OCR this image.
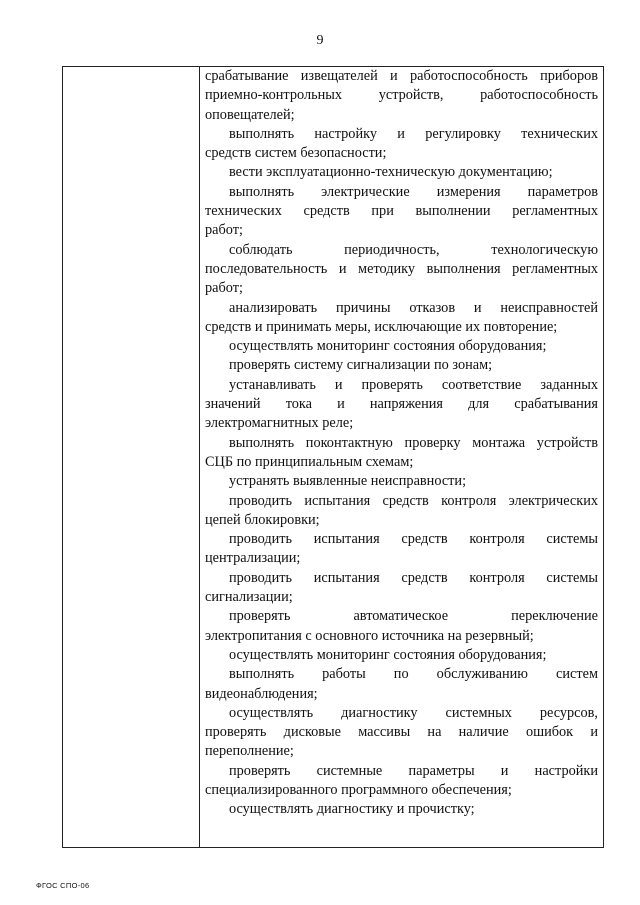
9
срабатывание извещателей и работоспособность приборов
приемно-контрольных устройств, работоспособность
оповещателей;
выполнять настройку и регулировку технических
средств систем безопасности;
вести эксплуатационно-техническую документацию;
выполнять электрические измерения параметров
технических средств при выполнении регламентных
работ;
соблюдать периодичность, технологическую
последовательность и методику выполнения регламентных
работ;
анализировать причины отказов и неисправностей
средств и принимать меры, исключающие их повторение;
осуществлять мониторинг состояния оборудования;
проверять систему сигнализации по зонам;
устанавливать и проверять соответствие заданных
значений тока и напряжения для срабатывания
электромагнитных реле;
выполнять поконтактную проверку монтажа устройств
СЦБ по принципиальным схемам;
устранять выявленные неисправности;
проводить испытания средств контроля электрических
цепей блокировки;
проводить испытания средств контроля системы
централизации;
проводить испытания средств контроля системы
сигнализации;
проверять автоматическое переключение
электропитания с основного источника на резервный;
осуществлять мониторинг состояния оборудования;
выполнять работы по обслуживанию систем
видеонаблюдения;
осуществлять диагностику системных ресурсов,
проверять дисковые массивы на наличие ошибок и
переполнение;
проверять системные параметры и настройки
специализированного программного обеспечения;
осуществлять диагностику и прочистку;
ФГОС СПО-06
